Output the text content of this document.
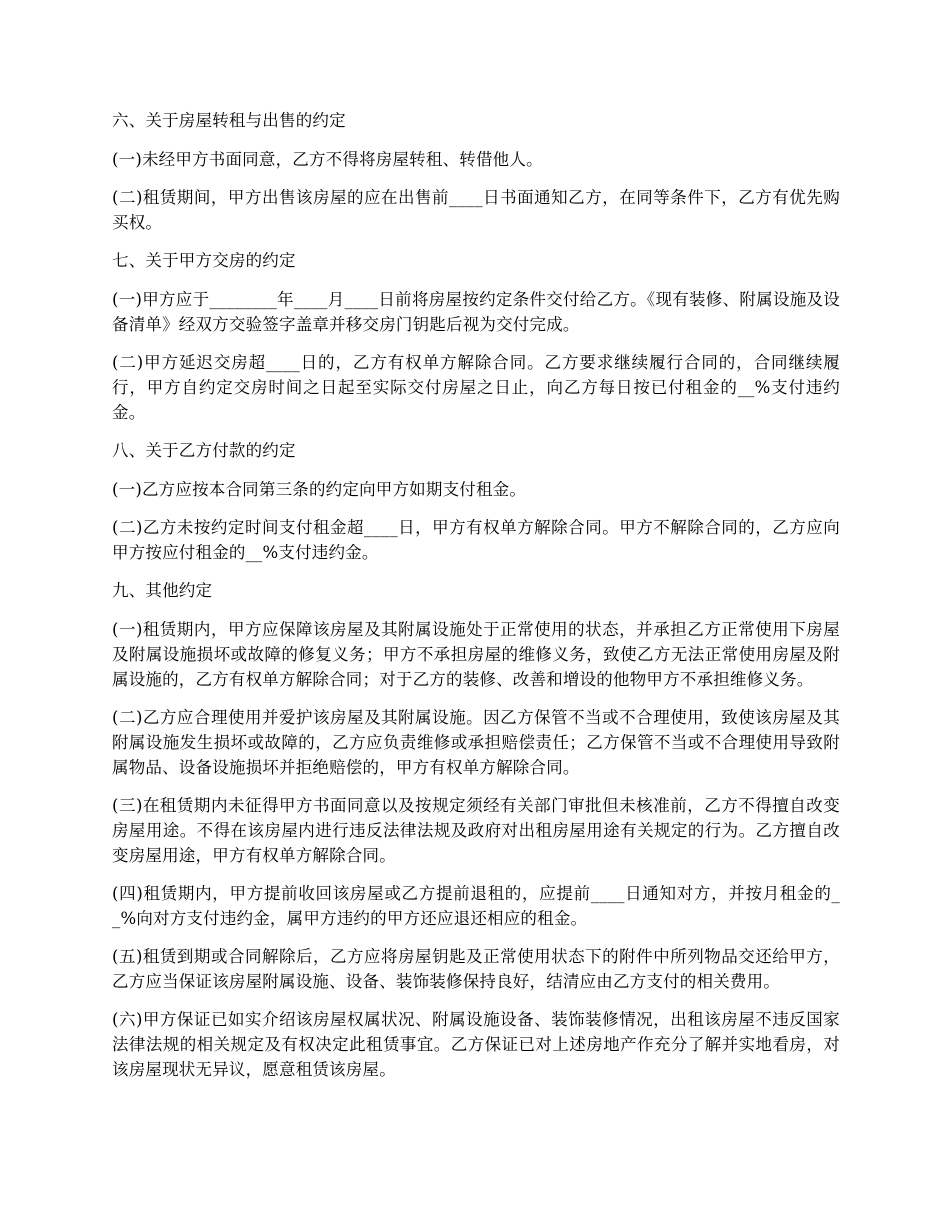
六、关于房屋转租与出售的约定

(一)未经甲方书面同意，乙方不得将房屋转租、转借他人。

(二)租赁期间，甲方出售该房屋的应在出售前____日书面通知乙方，在同等条件下，乙方有优先购买权。

七、关于甲方交房的约定

(一)甲方应于________年____月____日前将房屋按约定条件交付给乙方。《现有装修、附属设施及设备清单》经双方交验签字盖章并移交房门钥匙后视为交付完成。

(二)甲方延迟交房超____日的，乙方有权单方解除合同。乙方要求继续履行合同的，合同继续履行，甲方自约定交房时间之日起至实际交付房屋之日止，向乙方每日按已付租金的__%支付违约金。

八、关于乙方付款的约定

(一)乙方应按本合同第三条的约定向甲方如期支付租金。

(二)乙方未按约定时间支付租金超____日，甲方有权单方解除合同。甲方不解除合同的，乙方应向甲方按应付租金的__%支付违约金。

九、其他约定

(一)租赁期内，甲方应保障该房屋及其附属设施处于正常使用的状态，并承担乙方正常使用下房屋及附属设施损坏或故障的修复义务；甲方不承担房屋的维修义务，致使乙方无法正常使用房屋及附属设施的，乙方有权单方解除合同；对于乙方的装修、改善和增设的他物甲方不承担维修义务。

(二)乙方应合理使用并爱护该房屋及其附属设施。因乙方保管不当或不合理使用，致使该房屋及其附属设施发生损坏或故障的，乙方应负责维修或承担赔偿责任；乙方保管不当或不合理使用导致附属物品、设备设施损坏并拒绝赔偿的，甲方有权单方解除合同。

(三)在租赁期内未征得甲方书面同意以及按规定须经有关部门审批但未核准前，乙方不得擅自改变房屋用途。不得在该房屋内进行违反法律法规及政府对出租房屋用途有关规定的行为。乙方擅自改变房屋用途，甲方有权单方解除合同。

(四)租赁期内，甲方提前收回该房屋或乙方提前退租的，应提前____日通知对方，并按月租金的__%向对方支付违约金，属甲方违约的甲方还应退还相应的租金。

(五)租赁到期或合同解除后，乙方应将房屋钥匙及正常使用状态下的附件中所列物品交还给甲方，乙方应当保证该房屋附属设施、设备、装饰装修保持良好，结清应由乙方支付的相关费用。

(六)甲方保证已如实介绍该房屋权属状况、附属设施设备、装饰装修情况，出租该房屋不违反国家法律法规的相关规定及有权决定此租赁事宜。乙方保证已对上述房地产作充分了解并实地看房，对该房屋现状无异议，愿意租赁该房屋。
